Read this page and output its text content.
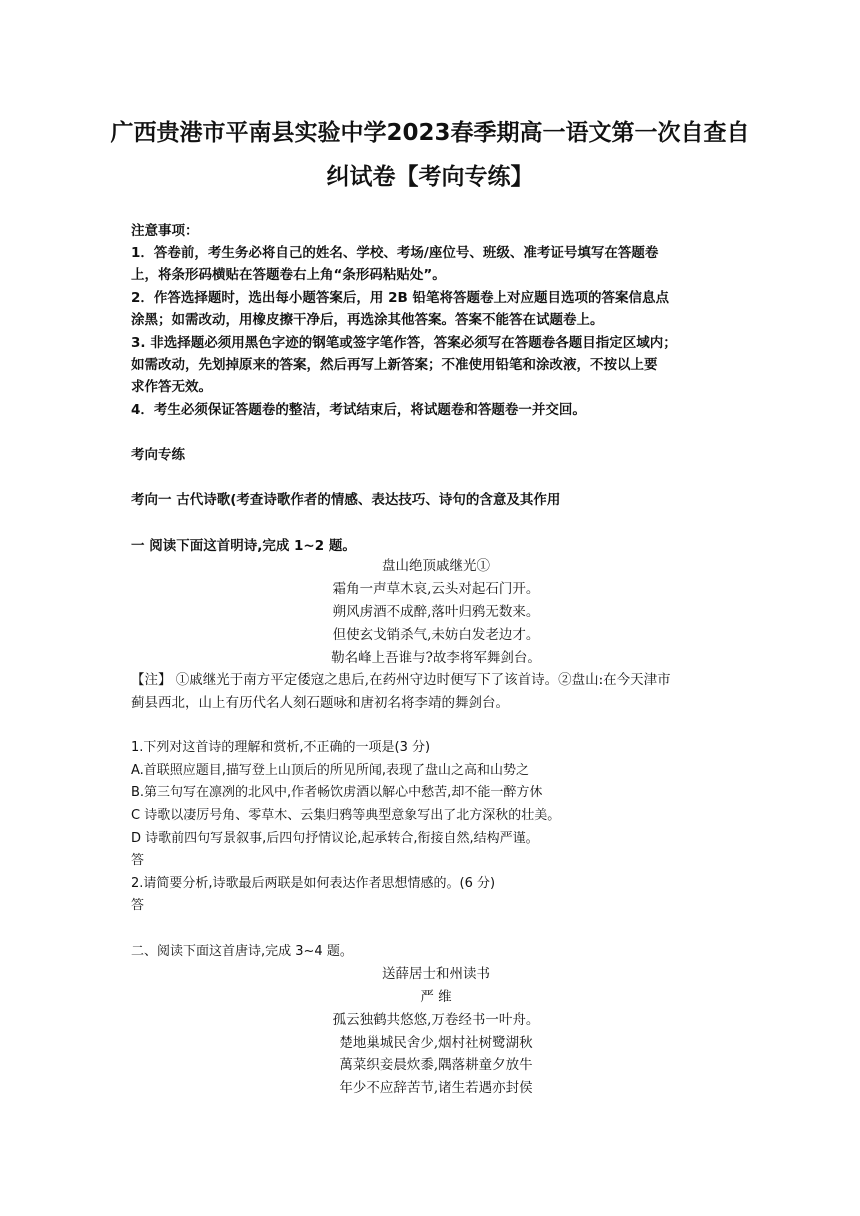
广西贵港市平南县实验中学2023春季期高一语文第一次自查自
纠试卷【考向专练】
注意事项：
1．答卷前，考生务必将自己的姓名、学校、考场/座位号、班级、准考证号填写在答题卷
上，将条形码横贴在答题卷右上角“条形码粘贴处”。
2．作答选择题时，选出每小题答案后，用 2B 铅笔将答题卷上对应题目选项的答案信息点
涂黑；如需改动，用橡皮擦干净后，再选涂其他答案。答案不能答在试题卷上。
3. 非选择题必须用黑色字迹的钢笔或签字笔作答，答案必须写在答题卷各题目指定区域内；
如需改动，先划掉原来的答案，然后再写上新答案；不准使用铅笔和涂改液，不按以上要
求作答无效。
4．考生必须保证答题卷的整洁，考试结束后，将试题卷和答题卷一并交回。
考向专练
考向一 古代诗歌(考查诗歌作者的情感、表达技巧、诗句的含意及其作用
一 阅读下面这首明诗,完成 1~2 题。
盘山绝顶戚继光①
霜角一声草木哀,云头对起石门开。
朔风虏酒不成醉,落叶归鸦无数来。
但使玄戈销杀气,未妨白发老边才。
勒名峰上吾谁与?故李将军舞剑台。
【注】 ①戚继光于南方平定倭寇之患后,在药州守边时便写下了该首诗。②盘山:在今天津市
蓟县西北，山上有历代名人刻石题咏和唐初名将李靖的舞剑台。
1.下列对这首诗的理解和赏析,不正确的一项是(3 分)
A.首联照应题目,描写登上山顶后的所见所闻,表现了盘山之高和山势之
B.第三句写在凛冽的北风中,作者畅饮虏酒以解心中愁苦,却不能一醉方休
C 诗歌以凄厉号角、零草木、云集归鸦等典型意象写出了北方深秋的壮美。
D 诗歌前四句写景叙事,后四句抒情议论,起承转合,衔接自然,结构严谨。
答
2.请简要分析,诗歌最后两联是如何表达作者思想情感的。(6 分)
答
二、阅读下面这首唐诗,完成 3~4 题。
送薛居士和州读书
严 维
孤云独鹤共悠悠,万卷经书一叶舟。
楚地巢城民舍少,烟村社树鹭湖秋
萬菜织妾晨炊黍,隅落耕童夕放牛
年少不应辞苦节,诸生若遇亦封侯
